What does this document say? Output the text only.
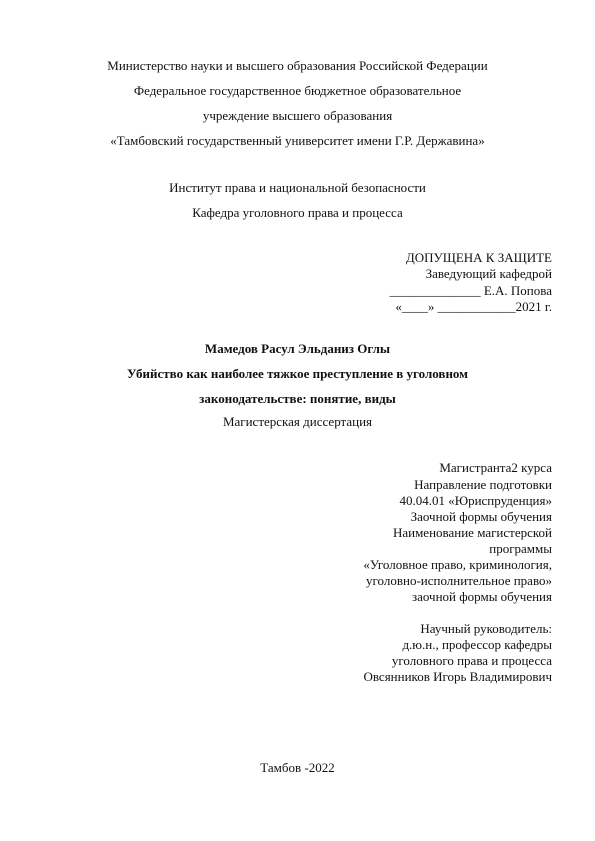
Министерство науки и высшего образования Российской Федерации
Федеральное государственное бюджетное образовательное
учреждение высшего образования
«Тамбовский государственный университет имени Г.Р. Державина»
Институт права и национальной безопасности
Кафедра уголовного права и процесса
ДОПУЩЕНА К ЗАЩИТЕ
Заведующий кафедрой
______________ Е.А. Попова
«____» ____________2021 г.
Мамедов Расул Эльданиз Оглы
Убийство как наиболее тяжкое преступление в уголовном
законодательстве: понятие, виды
Магистерская диссертация
Магистранта2 курса
Направление подготовки
40.04.01 «Юриспруденция»
Заочной формы обучения
Наименование магистерской
программы
«Уголовное право, криминология,
уголовно-исполнительное право»
заочной формы обучения
Научный руководитель:
д.ю.н., профессор кафедры
уголовного права и процесса
Овсянников Игорь Владимирович
Тамбов -2022
